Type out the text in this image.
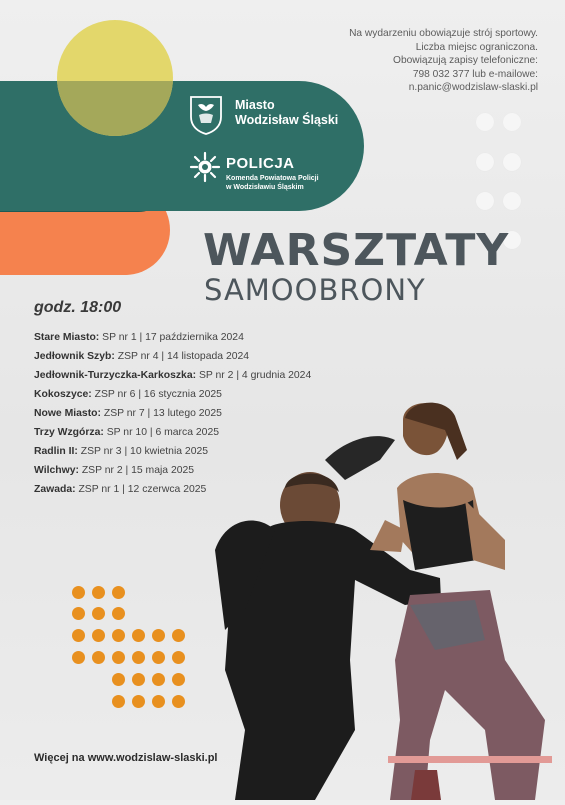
Miasto
Wodzisław Śląski
POLICJA
Komenda Powiatowa Policji
w Wodzisławiu Śląskim
Na wydarzeniu obowiązuje strój sportowy.
Liczba miejsc ograniczona.
Obowiązują zapisy telefoniczne:
798 032 377 lub e-mailowe:
n.panic@wodzislaw-slaski.pl
WARSZTATY
SAMOOBRONY
godz. 18:00
Stare Miasto: SP nr 1 | 17 października 2024
Jedłownik Szyb: ZSP nr 4 | 14 listopada 2024
Jedłownik-Turzyczka-Karkoszka: SP nr 2 | 4 grudnia 2024
Kokoszyce: ZSP nr 6 | 16 stycznia 2025
Nowe Miasto: ZSP nr 7 | 13 lutego 2025
Trzy Wzgórza: SP nr 10 | 6 marca 2025
Radlin II: ZSP nr 3 | 10 kwietnia 2025
Wilchwy: ZSP nr 2 | 15 maja 2025
Zawada: ZSP nr 1 | 12 czerwca 2025
Więcej na www.wodzislaw-slaski.pl
